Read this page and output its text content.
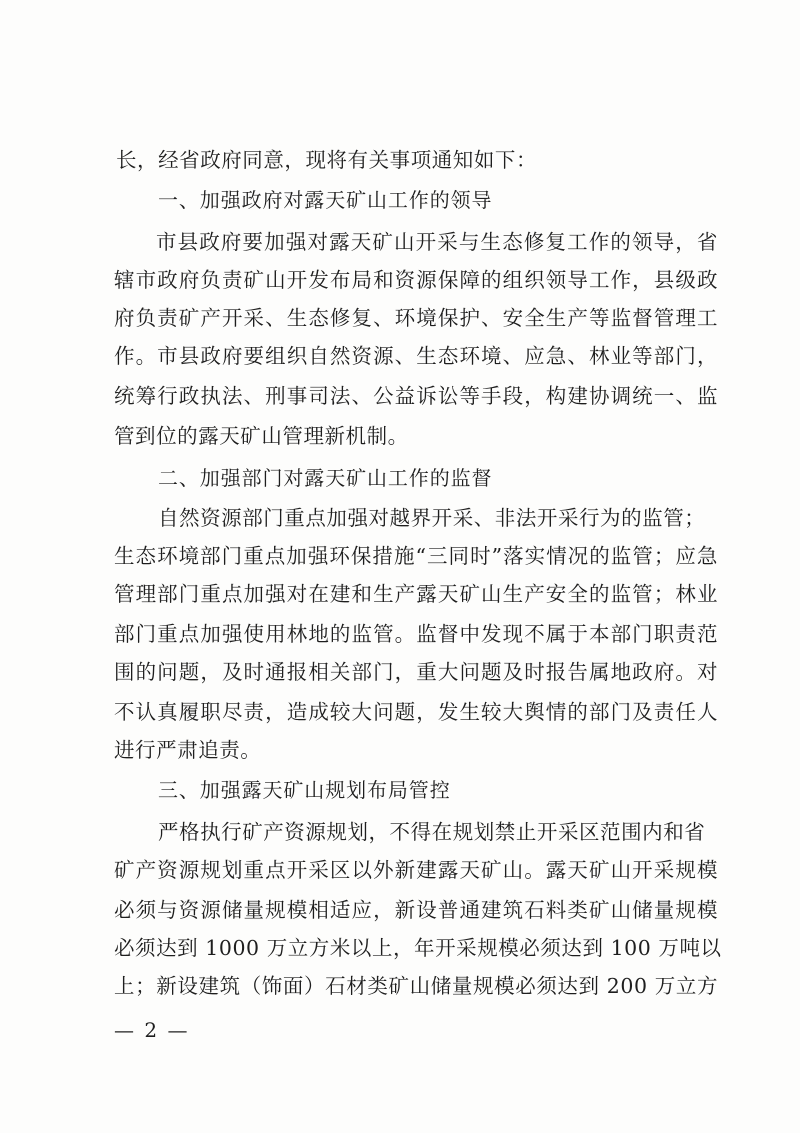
长，经省政府同意，现将有关事项通知如下：
一、加强政府对露天矿山工作的领导
市县政府要加强对露天矿山开采与生态修复工作的领导，省
辖市政府负责矿山开发布局和资源保障的组织领导工作，县级政
府负责矿产开采、生态修复、环境保护、安全生产等监督管理工
作。市县政府要组织自然资源、生态环境、应急、林业等部门，
统筹行政执法、刑事司法、公益诉讼等手段，构建协调统一、监
管到位的露天矿山管理新机制。
二、加强部门对露天矿山工作的监督
自然资源部门重点加强对越界开采、非法开采行为的监管；
生态环境部门重点加强环保措施“三同时”落实情况的监管；应急
管理部门重点加强对在建和生产露天矿山生产安全的监管；林业
部门重点加强使用林地的监管。监督中发现不属于本部门职责范
围的问题，及时通报相关部门，重大问题及时报告属地政府。对
不认真履职尽责，造成较大问题，发生较大舆情的部门及责任人
进行严肃追责。
三、加强露天矿山规划布局管控
严格执行矿产资源规划，不得在规划禁止开采区范围内和省
矿产资源规划重点开采区以外新建露天矿山。露天矿山开采规模
必须与资源储量规模相适应，新设普通建筑石料类矿山储量规模
必须达到 1000 万立方米以上，年开采规模必须达到 100 万吨以
上；新设建筑（饰面）石材类矿山储量规模必须达到 200 万立方
— 2 —
